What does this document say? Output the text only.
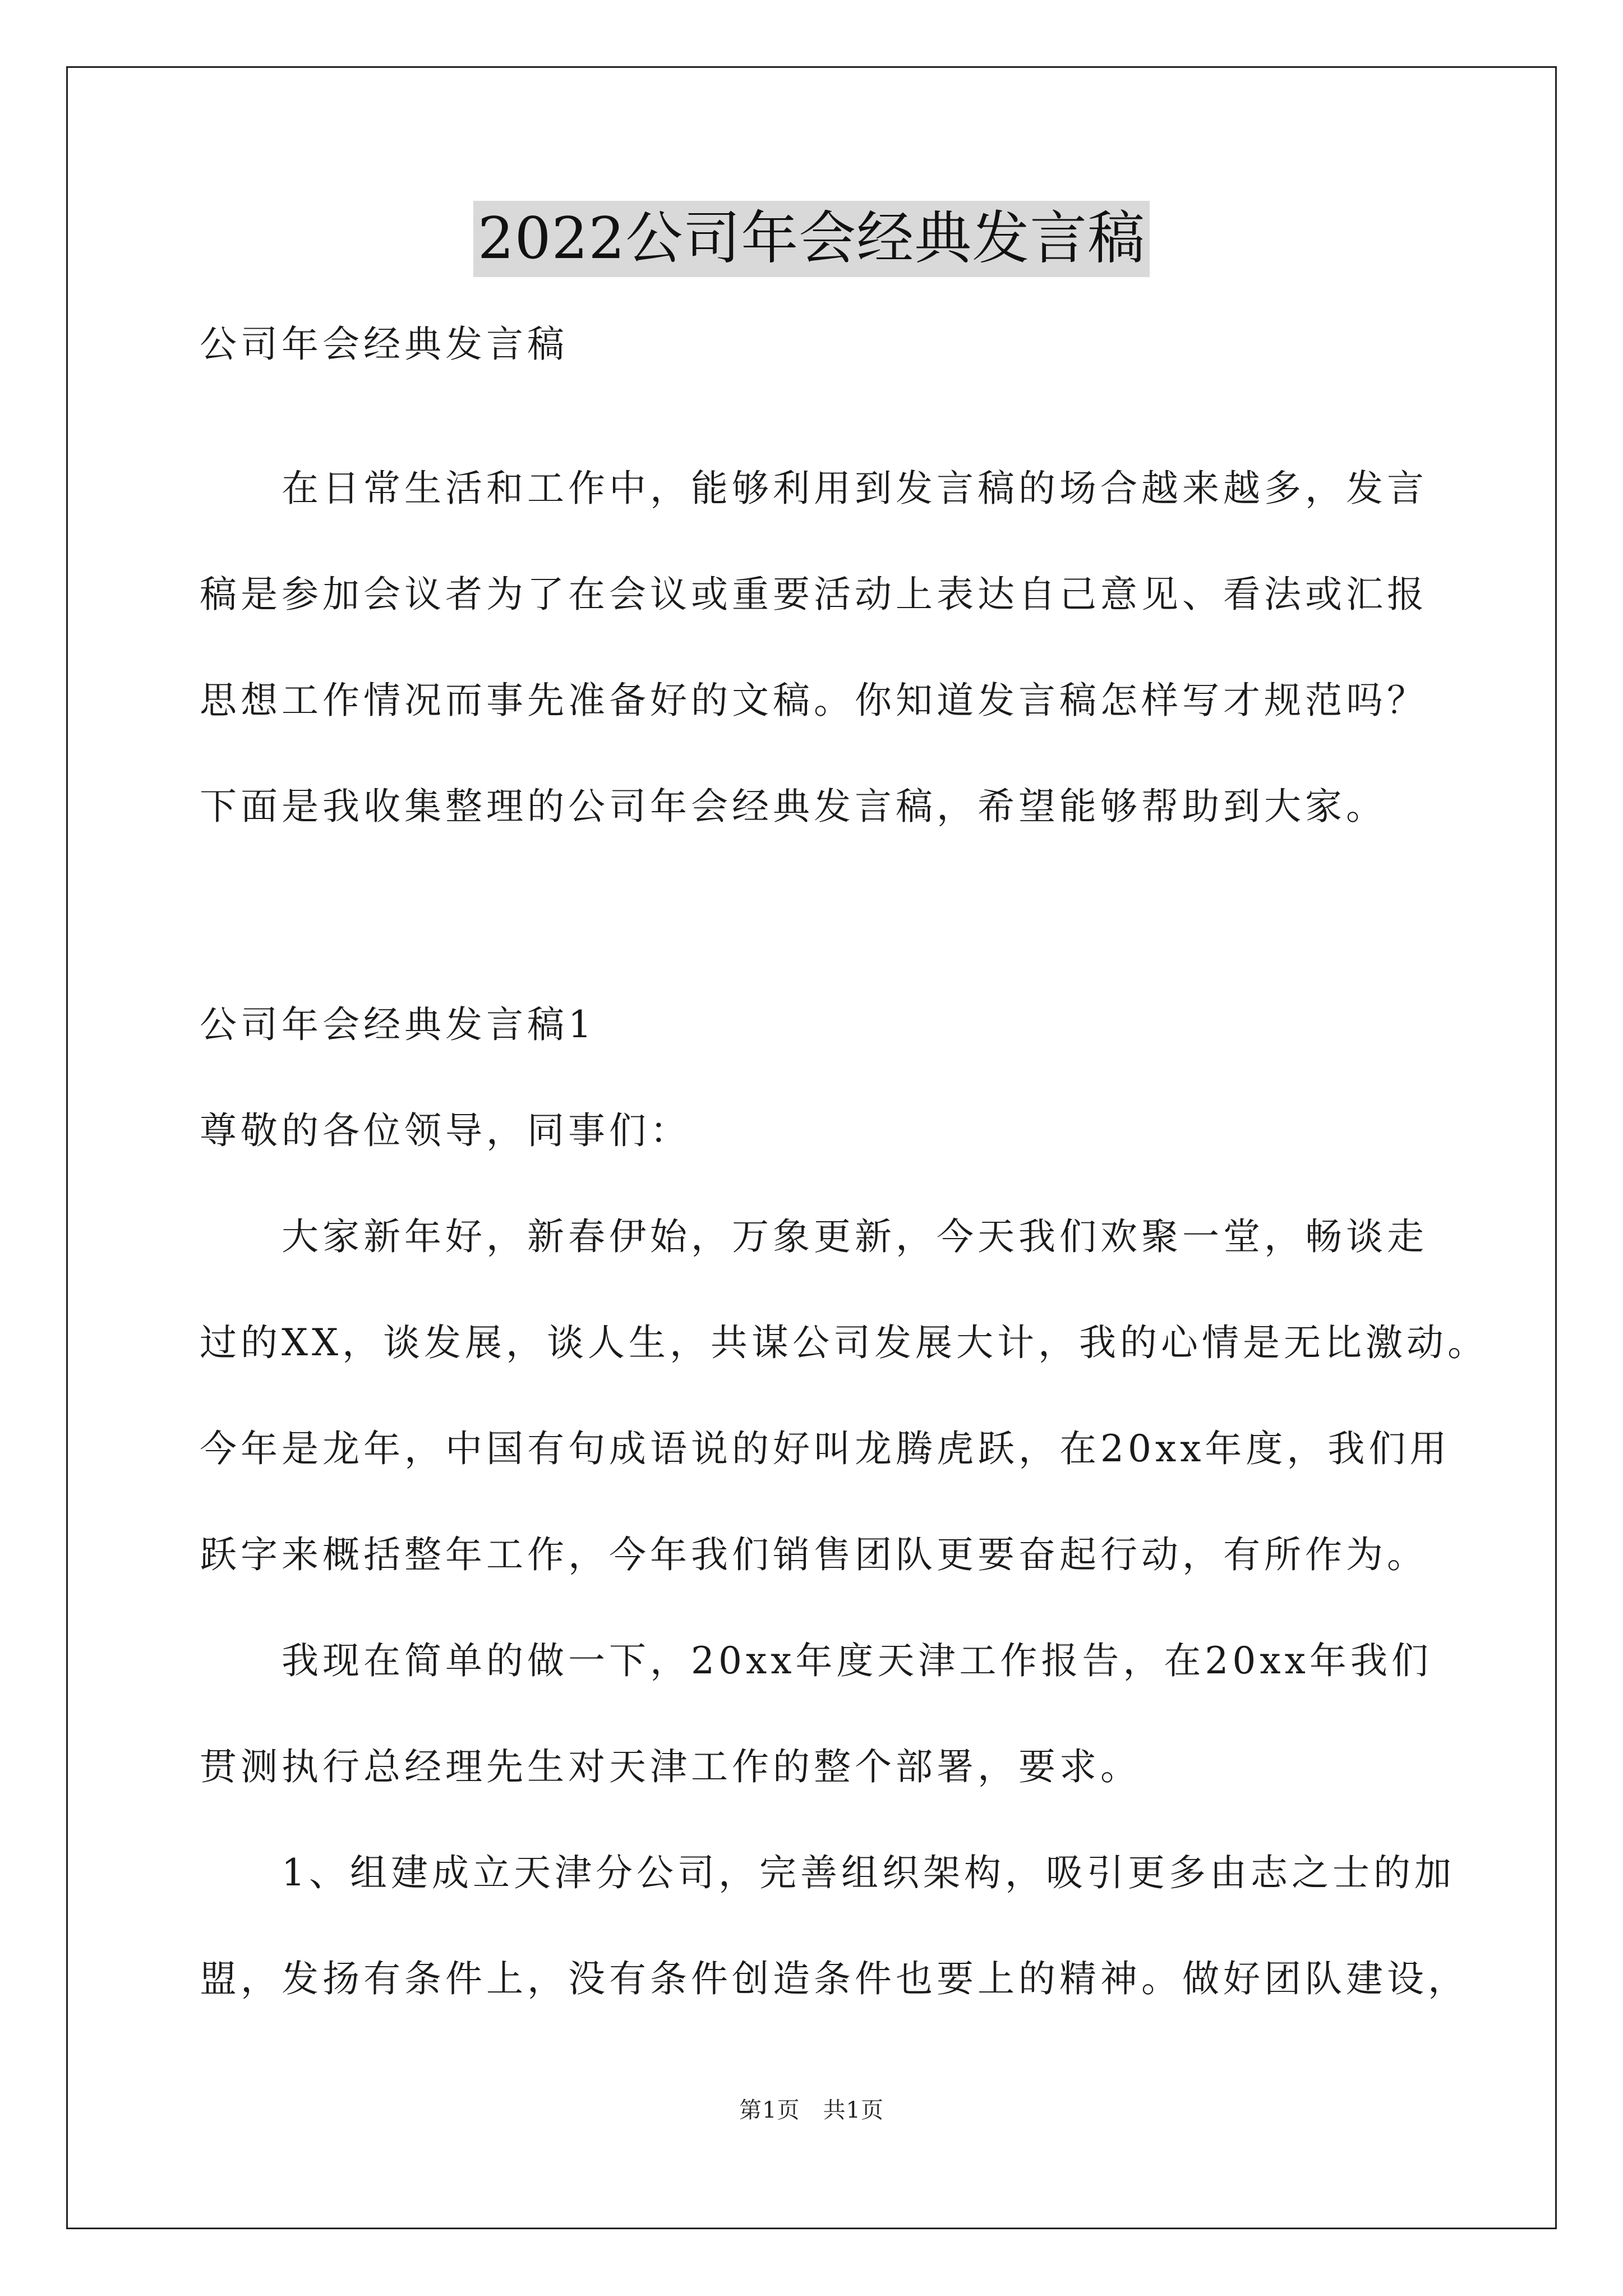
2022公司年会经典发言稿
公司年会经典发言稿
　　在日常生活和工作中，能够利用到发言稿的场合越来越多，发言
稿是参加会议者为了在会议或重要活动上表达自己意见、看法或汇报
思想工作情况而事先准备好的文稿。你知道发言稿怎样写才规范吗？
下面是我收集整理的公司年会经典发言稿，希望能够帮助到大家。
公司年会经典发言稿1
尊敬的各位领导，同事们：
　　大家新年好，新春伊始，万象更新，今天我们欢聚一堂，畅谈走
过的XX，谈发展，谈人生，共谋公司发展大计，我的心情是无比激动。
今年是龙年，中国有句成语说的好叫龙腾虎跃，在20xx年度，我们用
跃字来概括整年工作，今年我们销售团队更要奋起行动，有所作为。
　　我现在简单的做一下，20xx年度天津工作报告，在20xx年我们
贯测执行总经理先生对天津工作的整个部署，要求。
　　1、组建成立天津分公司，完善组织架构，吸引更多由志之士的加
盟，发扬有条件上，没有条件创造条件也要上的精神。做好团队建设，
第1页　共1页
